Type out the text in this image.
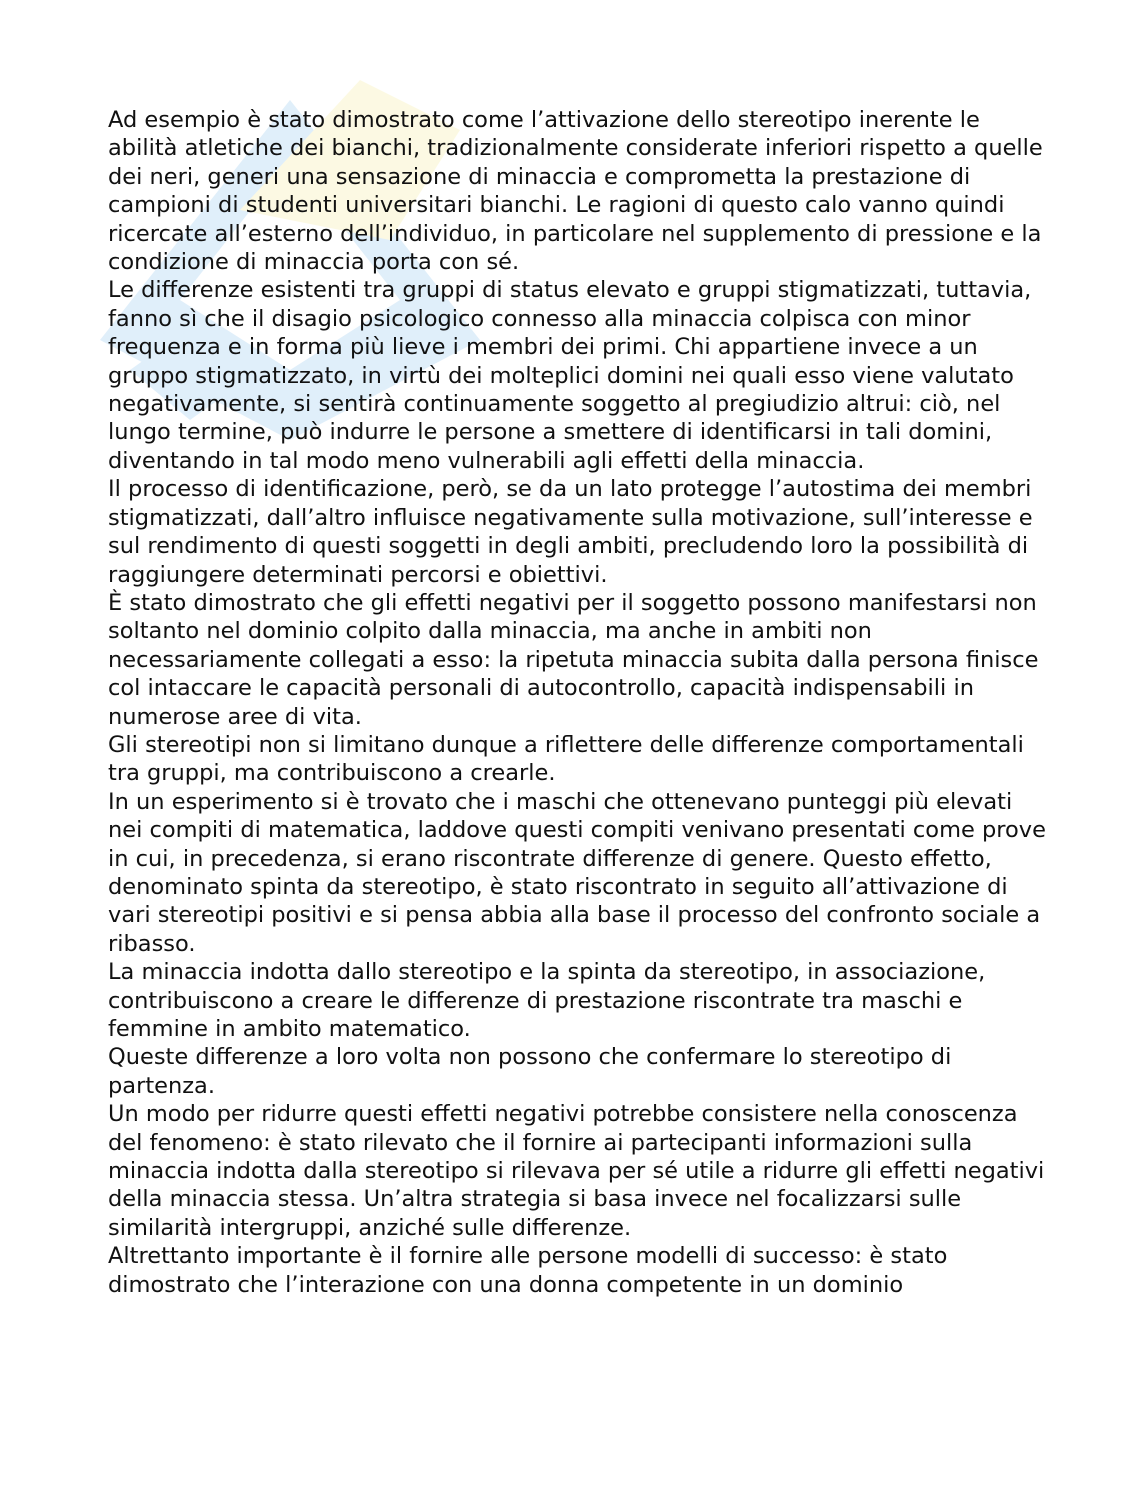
Ad esempio è stato dimostrato come l’attivazione dello stereotipo inerente le abilità atletiche dei bianchi, tradizionalmente considerate inferiori rispetto a quelle dei neri, generi una sensazione di minaccia e comprometta la prestazione di campioni di studenti universitari bianchi. Le ragioni di questo calo vanno quindi ricercate all’esterno dell’individuo, in particolare nel supplemento di pressione e la condizione di minaccia porta con sé.

Le differenze esistenti tra gruppi di status elevato e gruppi stigmatizzati, tuttavia, fanno sì che il disagio psicologico connesso alla minaccia colpisca con minor frequenza e in forma più lieve i membri dei primi. Chi appartiene invece a un gruppo stigmatizzato, in virtù dei molteplici domini nei quali esso viene valutato negativamente, si sentirà continuamente soggetto al pregiudizio altrui: ciò, nel lungo termine, può indurre le persone a smettere di identificarsi in tali domini, diventando in tal modo meno vulnerabili agli effetti della minaccia.

Il processo di identificazione, però, se da un lato protegge l’autostima dei membri stigmatizzati, dall’altro influisce negativamente sulla motivazione, sull’interesse e sul rendimento di questi soggetti in degli ambiti, precludendo loro la possibilità di raggiungere determinati percorsi e obiettivi.

È stato dimostrato che gli effetti negativi per il soggetto possono manifestarsi non soltanto nel dominio colpito dalla minaccia, ma anche in ambiti non necessariamente collegati a esso: la ripetuta minaccia subita dalla persona finisce col intaccare le capacità personali di autocontrollo, capacità indispensabili in numerose aree di vita.

Gli stereotipi non si limitano dunque a riflettere delle differenze comportamentali tra gruppi, ma contribuiscono a crearle.

In un esperimento si è trovato che i maschi che ottenevano punteggi più elevati nei compiti di matematica, laddove questi compiti venivano presentati come prove in cui, in precedenza, si erano riscontrate differenze di genere. Questo effetto, denominato spinta da stereotipo, è stato riscontrato in seguito all’attivazione di vari stereotipi positivi e si pensa abbia alla base il processo del confronto sociale a ribasso.

La minaccia indotta dallo stereotipo e la spinta da stereotipo, in associazione, contribuiscono a creare le differenze di prestazione riscontrate tra maschi e femmine in ambito matematico.

Queste differenze a loro volta non possono che confermare lo stereotipo di partenza.

Un modo per ridurre questi effetti negativi potrebbe consistere nella conoscenza del fenomeno: è stato rilevato che il fornire ai partecipanti informazioni sulla minaccia indotta dalla stereotipo si rilevava per sé utile a ridurre gli effetti negativi della minaccia stessa. Un’altra strategia si basa invece nel focalizzarsi sulle similarità intergruppi, anziché sulle differenze.

Altrettanto importante è il fornire alle persone modelli di successo: è stato dimostrato che l’interazione con una donna competente in un dominio
